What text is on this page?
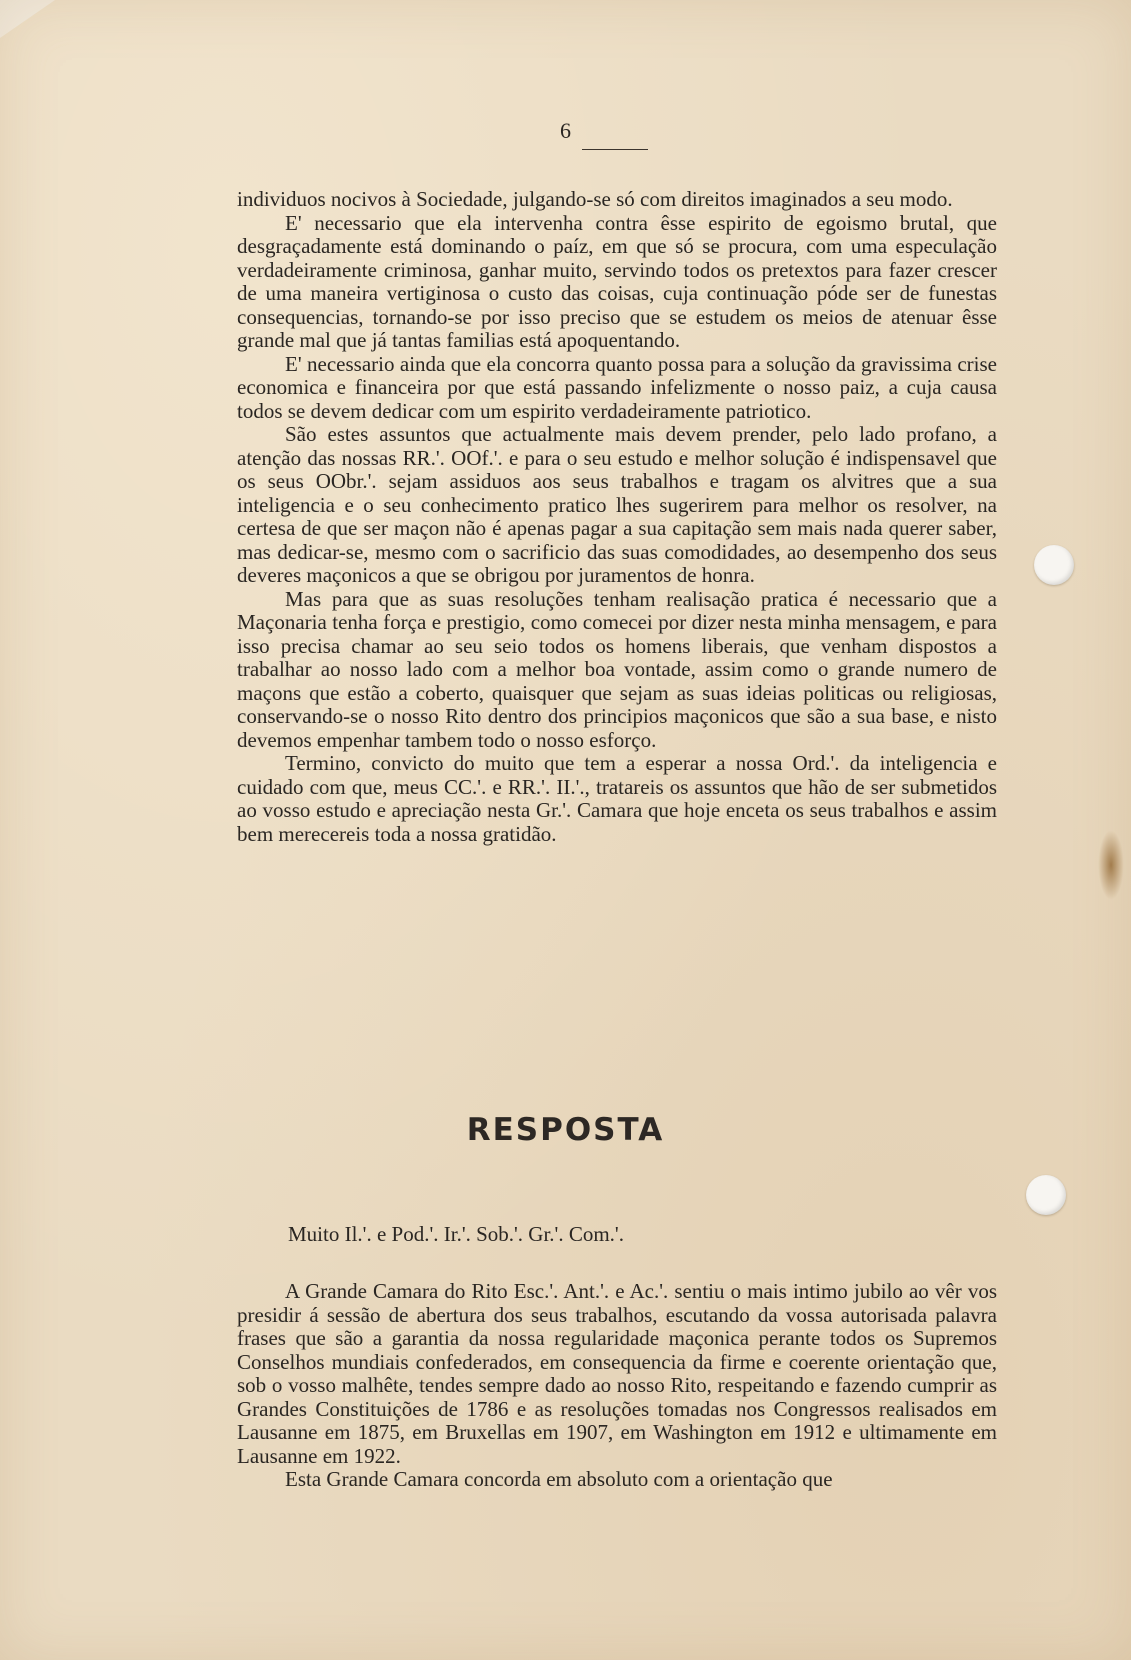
6

individuos nocivos à Sociedade, julgando-se só com direitos imaginados a seu modo.

E' necessario que ela intervenha contra êsse espirito de egoismo brutal, que desgraçadamente está dominando o paíz, em que só se procura, com uma especulação verdadeiramente criminosa, ganhar muito, servindo todos os pretextos para fazer crescer de uma maneira vertiginosa o custo das coisas, cuja continuação póde ser de funestas consequencias, tornando-se por isso preciso que se estudem os meios de atenuar êsse grande mal que já tantas familias está apoquentando.

E' necessario ainda que ela concorra quanto possa para a solução da gravissima crise economica e financeira por que está passando infelizmente o nosso paiz, a cuja causa todos se devem dedicar com um espirito verdadeiramente patriotico.

São estes assuntos que actualmente mais devem prender, pelo lado profano, a atenção das nossas RR.'. OOf.'. e para o seu estudo e melhor solução é indispensavel que os seus OObr.'. sejam assiduos aos seus trabalhos e tragam os alvitres que a sua inteligencia e o seu conhecimento pratico lhes sugerirem para melhor os resolver, na certesa de que ser maçon não é apenas pagar a sua capitação sem mais nada querer saber, mas dedicar-se, mesmo com o sacrificio das suas comodidades, ao desempenho dos seus deveres maçonicos a que se obrigou por juramentos de honra.

Mas para que as suas resoluções tenham realisação pratica é necessario que a Maçonaria tenha força e prestigio, como comecei por dizer nesta minha mensagem, e para isso precisa chamar ao seu seio todos os homens liberais, que venham dispostos a trabalhar ao nosso lado com a melhor boa vontade, assim como o grande numero de maçons que estão a coberto, quaisquer que sejam as suas ideias politicas ou religiosas, conservando-se o nosso Rito dentro dos principios maçonicos que são a sua base, e nisto devemos empenhar tambem todo o nosso esforço.

Termino, convicto do muito que tem a esperar a nossa Ord.'. da inteligencia e cuidado com que, meus CC.'. e RR.'. II.'., tratareis os assuntos que hão de ser submetidos ao vosso estudo e apreciação nesta Gr.'. Camara que hoje enceta os seus trabalhos e assim bem merecereis toda a nossa gratidão.

RESPOSTA
Muito Il.'. e Pod.'. Ir.'. Sob.'. Gr.'. Com.'.

A Grande Camara do Rito Esc.'. Ant.'. e Ac.'. sentiu o mais intimo jubilo ao vêr vos presidir á sessão de abertura dos seus trabalhos, escutando da vossa autorisada palavra frases que são a garantia da nossa regularidade maçonica perante todos os Supremos Conselhos mundiais confederados, em consequencia da firme e coerente orientação que, sob o vosso malhête, tendes sempre dado ao nosso Rito, respeitando e fazendo cumprir as Grandes Constituições de 1786 e as resoluções tomadas nos Congressos realisados em Lausanne em 1875, em Bruxellas em 1907, em Washington em 1912 e ultimamente em Lausanne em 1922.

Esta Grande Camara concorda em absoluto com a orientação que
